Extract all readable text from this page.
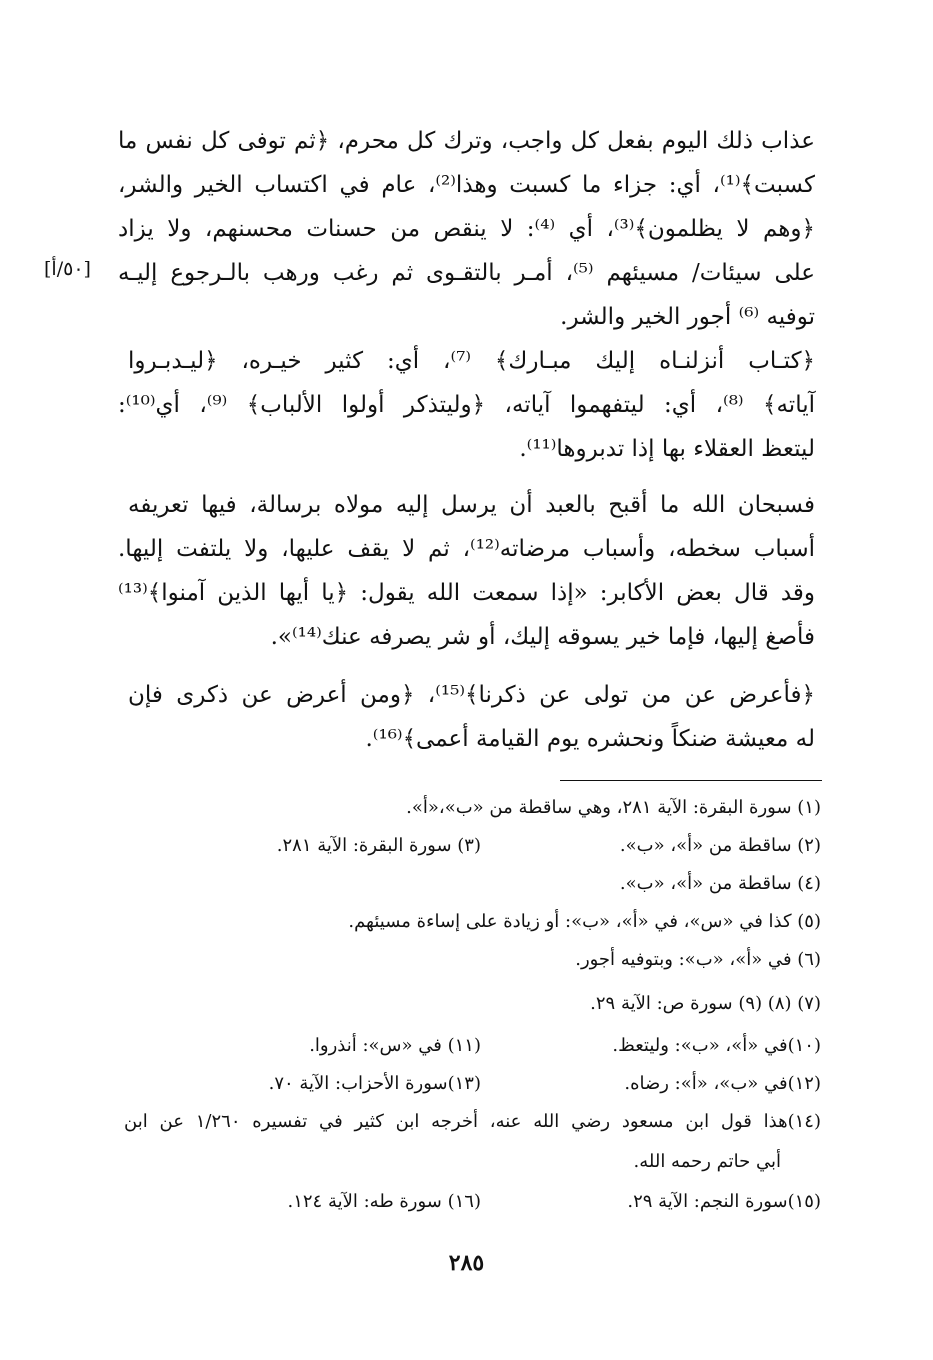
عذاب ذلك اليوم بفعل كل واجب، وترك كل محرم، ﴿ثم توفى كل نفس ما
كسبت﴾⁽¹⁾، أي: جزاء ما كسبت وهذا⁽²⁾، عام في اكتساب الخير والشر،
﴿وهم لا يظلمون﴾⁽³⁾، أي ⁽⁴⁾: لا ينقص من حسنات محسنهم، ولا يزاد
على سيئات/ مسيئهم ⁽⁵⁾، أمـر بالتقـوى ثم رغب ورهب بالـرجوع إليـه
توفيه ⁽⁶⁾ أجور الخير والشر.
﴿كتـاب أنزلنـاه إليك مبـارك﴾ ⁽⁷⁾، أي: كثير خيـره، ﴿ليـدبـروا
آياته﴾ ⁽⁸⁾، أي: ليتفهموا آياته، ﴿وليتذكر أولوا الألباب﴾ ⁽⁹⁾، أي⁽¹⁰⁾:
ليتعظ العقلاء بها إذا تدبروها⁽¹¹⁾.
فسبحان الله ما أقبح بالعبد أن يرسل إليه مولاه برسالة، فيها تعريفه
أسباب سخطه، وأسباب مرضاته⁽¹²⁾، ثم لا يقف عليها، ولا يلتفت إليها.
وقد قال بعض الأكابر: «إذا سمعت الله يقول: ﴿يا أيها الذين آمنوا﴾⁽¹³⁾
فأصغ إليها، فإما خير يسوقه إليك، أو شر يصرفه عنك⁽¹⁴⁾».
﴿فأعرض عن من تولى عن ذكرنا﴾⁽¹⁵⁾، ﴿ومن أعرض عن ذكرى فإن
له معيشة ضنكاً ونحشره يوم القيامة أعمى﴾⁽¹⁶⁾.
[٥٠/أ]
(١) سورة البقرة: الآية ٢٨١، وهي ساقطة من «ب»،«أ».
(٢) ساقطة من «أ»، «ب».
(٣) سورة البقرة: الآية ٢٨١.
(٤) ساقطة من «أ»، «ب».
(٥) كذا في «س»، في «أ»، «ب»: أو زيادة على إساءة مسيئهم.
(٦) في «أ»، «ب»: وبتوفيه أجور.
(٧) (٨) (٩) سورة ص: الآية ٢٩.
(١٠)في «أ»، «ب»: وليتعظ.
(١١) في «س»: أنذروا.
(١٢)في «ب»، «أ»: رضاه.
(١٣)سورة الأحزاب: الآية ٧٠.
(١٤)هذا قول ابن مسعود رضي الله عنه، أخرجه ابن كثير في تفسيره ١/٢٦٠ عن ابن
أبي حاتم رحمه الله.
(١٥)سورة النجم: الآية ٢٩.
(١٦) سورة طه: الآية ١٢٤.
٢٨٥
